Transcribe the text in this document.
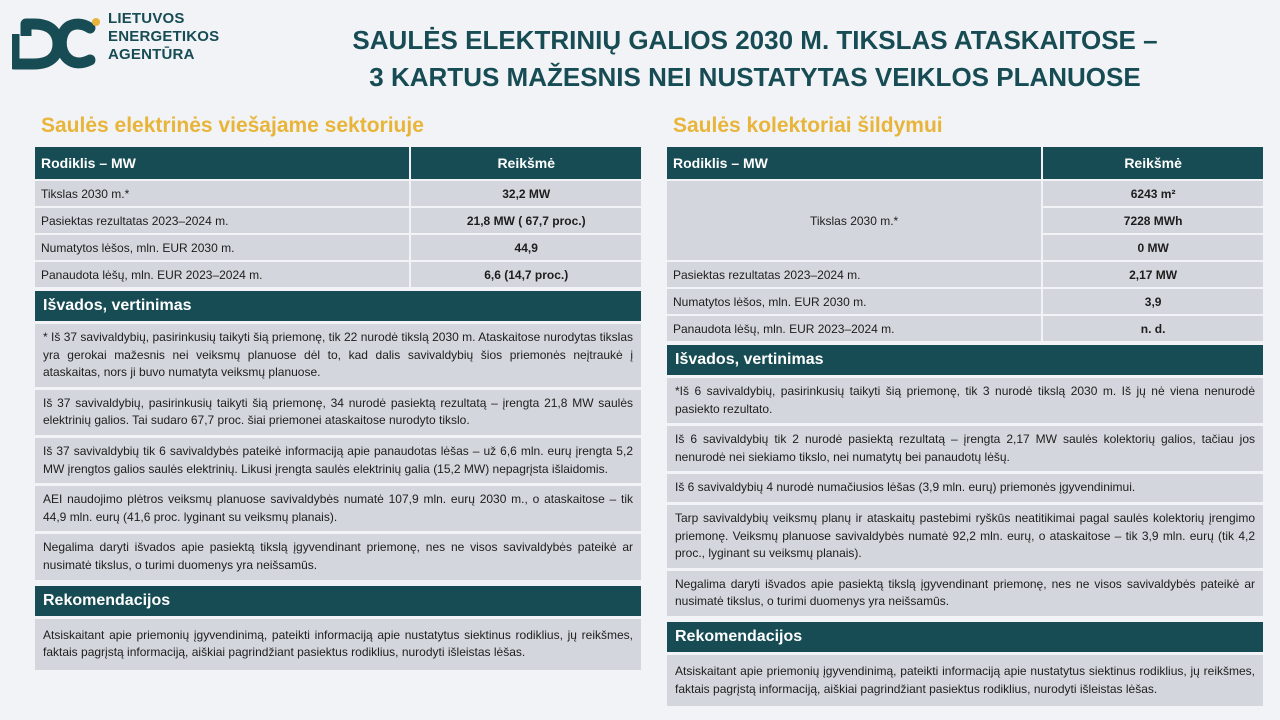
LIETUVOS
ENERGETIKOS
AGENTŪRA	SAULĖS ELEKTRINIŲ GALIOS 2030 M. TIKSLAS ATASKAITOSE –
3 KARTUS MAŽESNIS NEI NUSTATYTAS VEIKLOS PLANUOSE
Saulės elektrinės viešajame sektoriuje
Rodiklis – MW	Reikšmė
Tikslas 2030 m.*	32,2 MW
Pasiektas rezultatas 2023–2024 m.	21,8 MW ( 67,7 proc.)
Numatytos lėšos, mln. EUR 2030 m.	44,9
Panaudota lėšų, mln. EUR 2023–2024 m.	6,6 (14,7 proc.)
Išvados, vertinimas
* Iš 37 savivaldybių, pasirinkusių taikyti šią priemonę, tik 22 nurodė tikslą 2030 m. Ataskaitose nurodytas tikslas yra gerokai mažesnis nei veiksmų planuose dėl to, kad dalis savivaldybių šios priemonės neįtraukė į ataskaitas, nors ji buvo numatyta veiksmų planuose.
Iš 37 savivaldybių, pasirinkusių taikyti šią priemonę, 34 nurodė pasiektą rezultatą – įrengta 21,8 MW saulės elektrinių galios. Tai sudaro 67,7 proc. šiai priemonei ataskaitose nurodyto tikslo.
Iš 37 savivaldybių tik 6 savivaldybės pateikė informaciją apie panaudotas lėšas – už 6,6 mln. eurų įrengta 5,2 MW įrengtos galios saulės elektrinių. Likusi įrengta saulės elektrinių galia (15,2 MW) nepagrįsta išlaidomis.
AEI naudojimo plėtros veiksmų planuose savivaldybės numatė 107,9 mln. eurų 2030 m., o ataskaitose – tik 44,9 mln. eurų (41,6 proc. lyginant su veiksmų planais).
Negalima daryti išvados apie pasiektą tikslą įgyvendinant priemonę, nes ne visos savivaldybės pateikė ar nusimatė tikslus, o turimi duomenys yra neišsamūs.
Rekomendacijos
Atsiskaitant apie priemonių įgyvendinimą, pateikti informaciją apie nustatytus siektinus rodiklius, jų reikšmes, faktais pagrįstą informaciją, aiškiai pagrindžiant pasiektus rodiklius, nurodyti išleistas lėšas.
Saulės kolektoriai šildymui
Rodiklis – MW	Reikšmė
Tikslas 2030 m.*	6243 m²
	7228 MWh
	0 MW
Pasiektas rezultatas 2023–2024 m.	2,17 MW
Numatytos lėšos, mln. EUR 2030 m.	3,9
Panaudota lėšų, mln. EUR 2023–2024 m.	n. d.
Išvados, vertinimas
*Iš 6 savivaldybių, pasirinkusių taikyti šią priemonę, tik 3 nurodė tikslą 2030 m. Iš jų nė viena nenurodė pasiekto rezultato.
Iš 6 savivaldybių tik 2 nurodė pasiektą rezultatą – įrengta 2,17 MW saulės kolektorių galios, tačiau jos nenurodė nei siekiamo tikslo, nei numatytų bei panaudotų lėšų.
Iš 6 savivaldybių 4 nurodė numačiusios lėšas (3,9 mln. eurų) priemonės įgyvendinimui.
Tarp savivaldybių veiksmų planų ir ataskaitų pastebimi ryškūs neatitikimai pagal saulės kolektorių įrengimo priemonę. Veiksmų planuose savivaldybės numatė 92,2 mln. eurų, o ataskaitose – tik 3,9 mln. eurų (tik 4,2 proc., lyginant su veiksmų planais).
Negalima daryti išvados apie pasiektą tikslą įgyvendinant priemonę, nes ne visos savivaldybės pateikė ar nusimatė tikslus, o turimi duomenys yra neišsamūs.
Rekomendacijos
Atsiskaitant apie priemonių įgyvendinimą, pateikti informaciją apie nustatytus siektinus rodiklius, jų reikšmes, faktais pagrįstą informaciją, aiškiai pagrindžiant pasiektus rodiklius, nurodyti išleistas lėšas.
